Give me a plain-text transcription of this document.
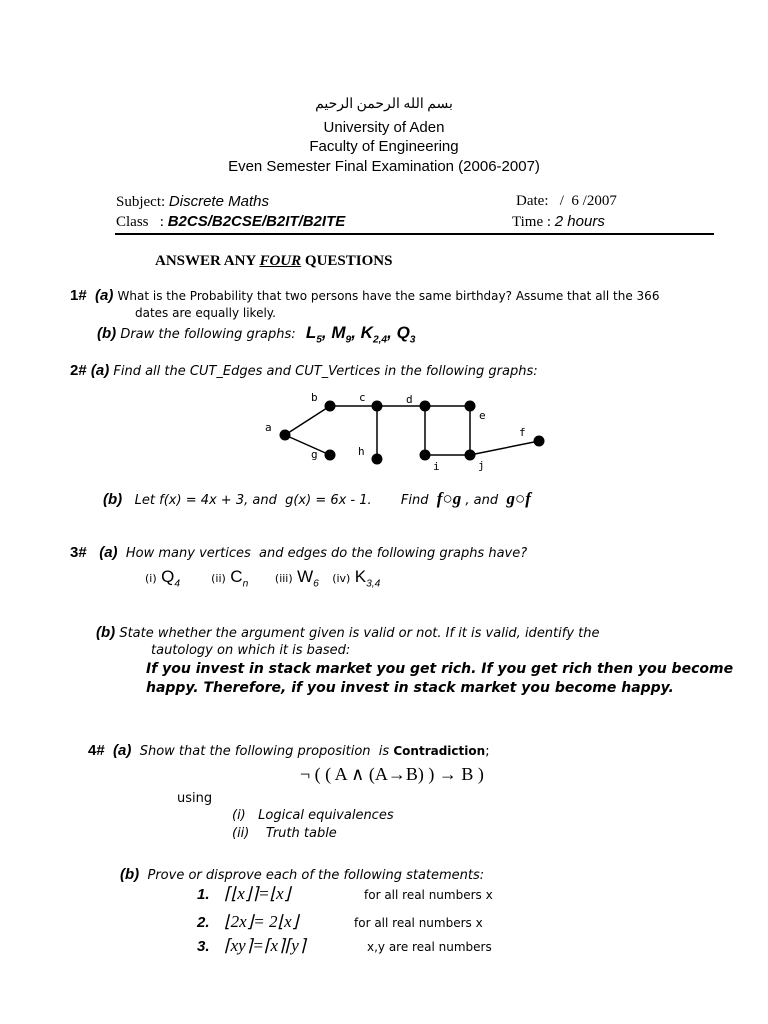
بسم الله الرحمن الرحيم
University of Aden
Faculty of Engineering
Even Semester Final Examination (2006-2007)
Subject: Discrete Maths
Class   : B2CS/B2CSE/B2IT/B2ITE
Date: /  6 /2007
Time : 2 hours
ANSWER ANY FOUR QUESTIONS
1# (a) What is the Probability that two persons have the same birthday? Assume that all the 366
dates are equally likely.
(b) Draw the following graphs: $L_5$, $M_9$, $K_{2,4}$, $Q_3$
2# (a) Find all the CUT_Edges and CUT_Vertices in the following graphs:
a
b	c	d
e
f
g	h
i	j
(b) Let f(x) = 4x + 3, and  g(x) = 6x - 1. Find f○g , and g○f
3# (a) How many vertices  and edges do the following graphs have?
(i) $Q_4$	(ii) $C_n$ (iii) $W_6$ (iv) $K_{3,4}$
(b) State whether the argument given is valid or not. If it is valid, identify the
tautology on which it is based:
If you invest in stack market you get rich. If you get rich then you become
happy. Therefore, if you invest in stack market you become happy.
4# (a) Show that the following proposition  is Contradiction;
¬ ( ( A ∧ (A→B) ) → B )
using
(i)   Logical equivalences
(ii)    Truth table
(b) Prove or disprove each of the following statements:
1. ⌈⌊x⌋⌉=⌊x⌋	for all real numbers x
2. ⌊2x⌋= 2⌊x⌋	for all real numbers x
3. ⌈xy⌉=⌈x⌉⌈y⌉	x,y are real numbers
